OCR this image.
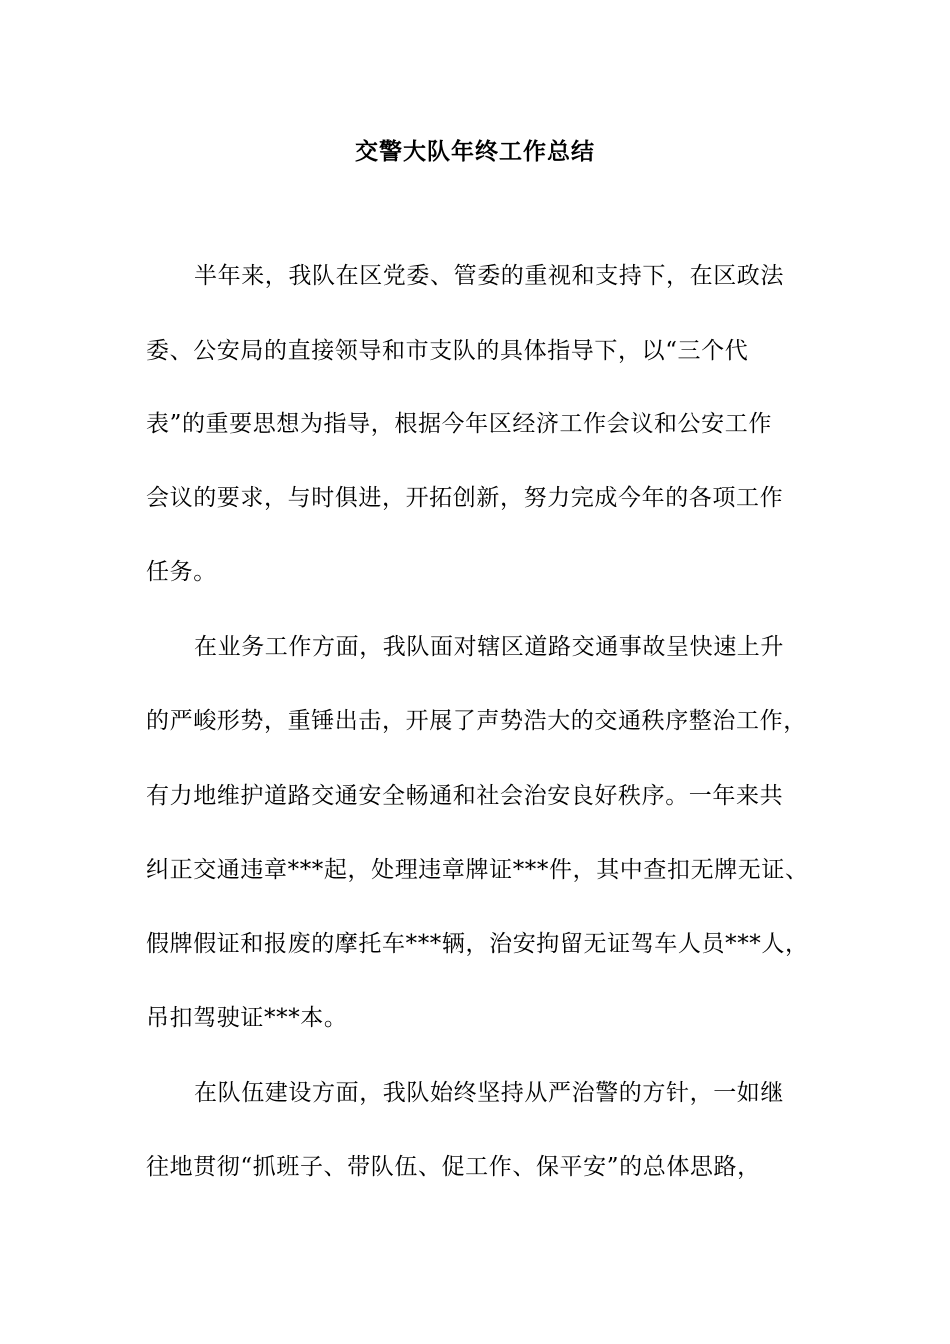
交警大队年终工作总结
半年来，我队在区党委、管委的重视和支持下，在区政法
委、公安局的直接领导和市支队的具体指导下，以“三个代
表”的重要思想为指导，根据今年区经济工作会议和公安工作
会议的要求，与时俱进，开拓创新，努力完成今年的各项工作
任务。
在业务工作方面，我队面对辖区道路交通事故呈快速上升
的严峻形势，重锤出击，开展了声势浩大的交通秩序整治工作，
有力地维护道路交通安全畅通和社会治安良好秩序。一年来共
纠正交通违章***起，处理违章牌证***件，其中查扣无牌无证、
假牌假证和报废的摩托车***辆，治安拘留无证驾车人员***人，
吊扣驾驶证***本。
在队伍建设方面，我队始终坚持从严治警的方针，一如继
往地贯彻“抓班子、带队伍、促工作、保平安”的总体思路，
